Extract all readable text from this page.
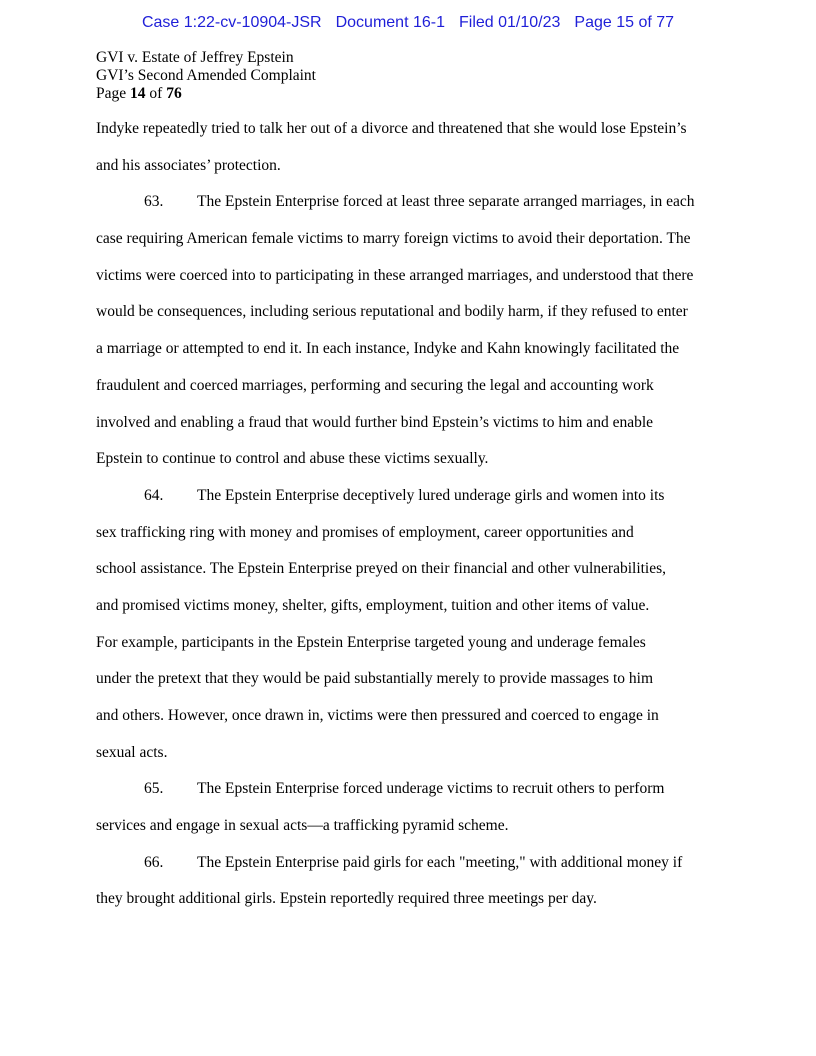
Case 1:22-cv-10904-JSR Document 16-1 Filed 01/10/23 Page 15 of 77
GVI v. Estate of Jeffrey Epstein
GVI’s Second Amended Complaint
Page 14 of 76
Indyke repeatedly tried to talk her out of a divorce and threatened that she would lose Epstein’s
and his associates’ protection.
63. The Epstein Enterprise forced at least three separate arranged marriages, in each
case requiring American female victims to marry foreign victims to avoid their deportation. The
victims were coerced into to participating in these arranged marriages, and understood that there
would be consequences, including serious reputational and bodily harm, if they refused to enter
a marriage or attempted to end it. In each instance, Indyke and Kahn knowingly facilitated the
fraudulent and coerced marriages, performing and securing the legal and accounting work
involved and enabling a fraud that would further bind Epstein’s victims to him and enable
Epstein to continue to control and abuse these victims sexually.
64. The Epstein Enterprise deceptively lured underage girls and women into its
sex trafficking ring with money and promises of employment, career opportunities and
school assistance. The Epstein Enterprise preyed on their financial and other vulnerabilities,
and promised victims money, shelter, gifts, employment, tuition and other items of value.
For example, participants in the Epstein Enterprise targeted young and underage females
under the pretext that they would be paid substantially merely to provide massages to him
and others. However, once drawn in, victims were then pressured and coerced to engage in
sexual acts.
65. The Epstein Enterprise forced underage victims to recruit others to perform
services and engage in sexual acts—a trafficking pyramid scheme.
66. The Epstein Enterprise paid girls for each "meeting," with additional money if
they brought additional girls. Epstein reportedly required three meetings per day.
